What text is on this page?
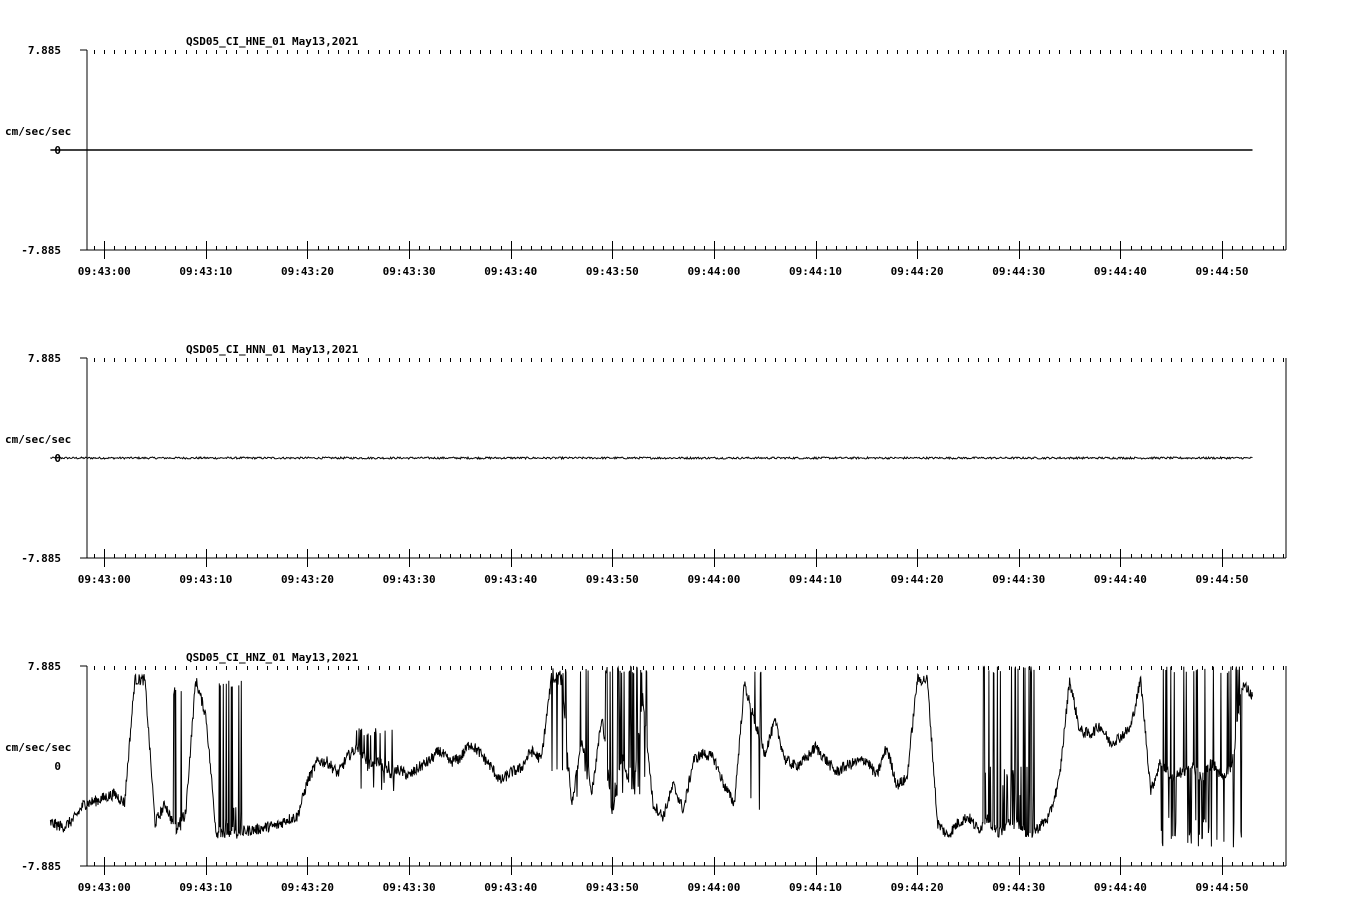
QSD05_CI_HNE_01 May13,2021
cm/sec/sec
7.885
0
-7.885
09:43:00	09:43:10	09:43:20	09:43:30	09:43:40	09:43:50	09:44:00	09:44:10	09:44:20	09:44:30	09:44:40	09:44:50
QSD05_CI_HNN_01 May13,2021
cm/sec/sec
7.885
0
-7.885
09:43:00	09:43:10	09:43:20	09:43:30	09:43:40	09:43:50	09:44:00	09:44:10	09:44:20	09:44:30	09:44:40	09:44:50
QSD05_CI_HNZ_01 May13,2021
cm/sec/sec
7.885
0
-7.885
09:43:00	09:43:10	09:43:20	09:43:30	09:43:40	09:43:50	09:44:00	09:44:10	09:44:20	09:44:30	09:44:40	09:44:50
